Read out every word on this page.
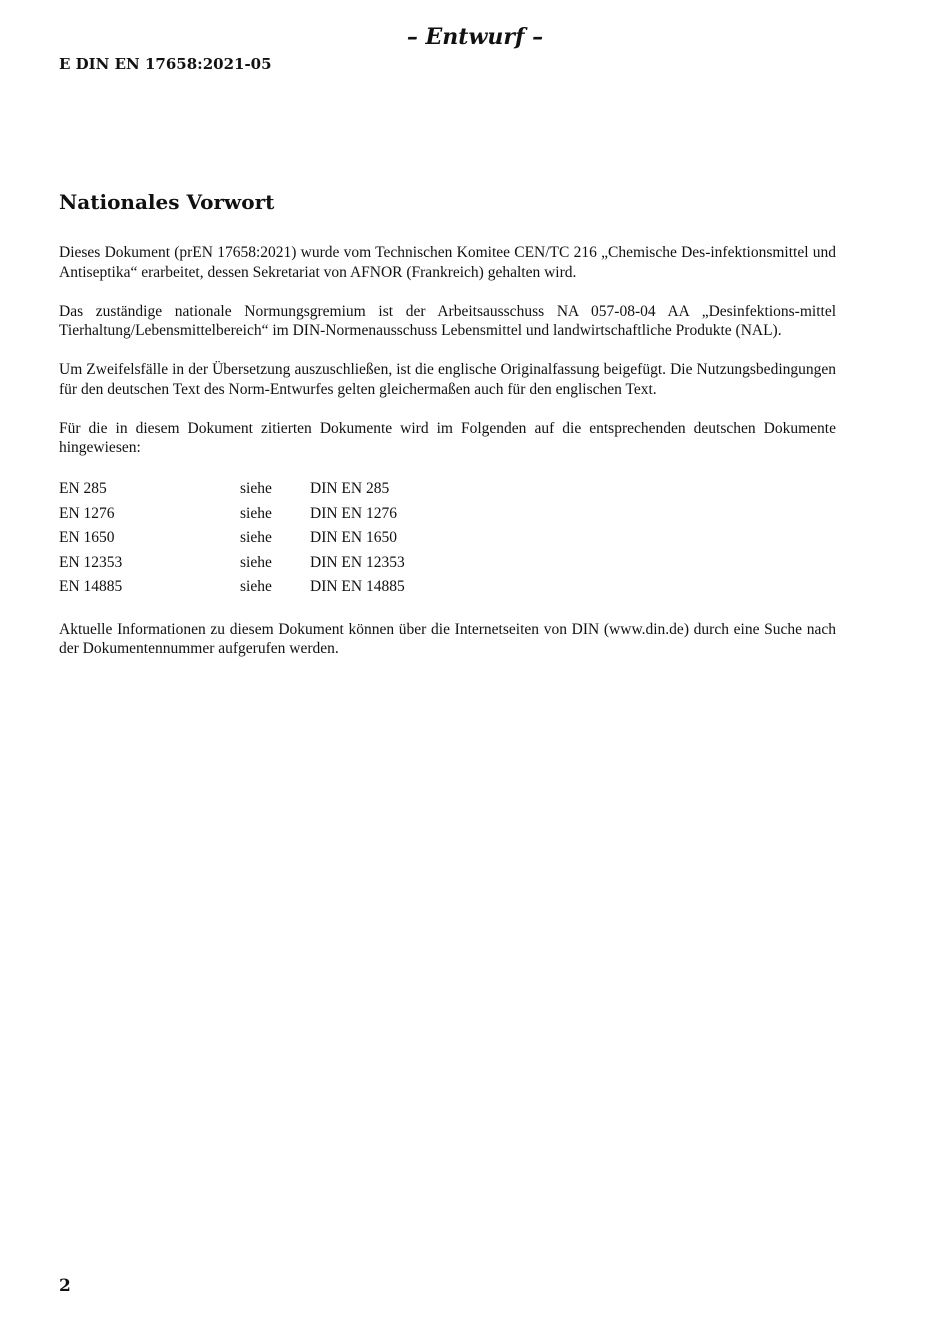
– Entwurf –
E DIN EN 17658:2021-05
Nationales Vorwort

Dieses Dokument (prEN 17658:2021) wurde vom Technischen Komitee CEN/TC 216 „Chemische Des-infektionsmittel und Antiseptika“ erarbeitet, dessen Sekretariat von AFNOR (Frankreich) gehalten wird.

Das zuständige nationale Normungsgremium ist der Arbeitsausschuss NA 057-08-04 AA „Desinfektions-mittel Tierhaltung/Lebensmittelbereich“ im DIN-Normenausschuss Lebensmittel und landwirtschaftliche Produkte (NAL).

Um Zweifelsfälle in der Übersetzung auszuschließen, ist die englische Originalfassung beigefügt. Die Nutzungsbedingungen für den deutschen Text des Norm-Entwurfes gelten gleichermaßen auch für den englischen Text.

Für die in diesem Dokument zitierten Dokumente wird im Folgenden auf die entsprechenden deutschen Dokumente hingewiesen:

EN 285	siehe	DIN EN 285
EN 1276	siehe	DIN EN 1276
EN 1650	siehe	DIN EN 1650
EN 12353	siehe	DIN EN 12353
EN 14885	siehe	DIN EN 14885

Aktuelle Informationen zu diesem Dokument können über die Internetseiten von DIN (www.din.de) durch eine Suche nach der Dokumentennummer aufgerufen werden.

2
